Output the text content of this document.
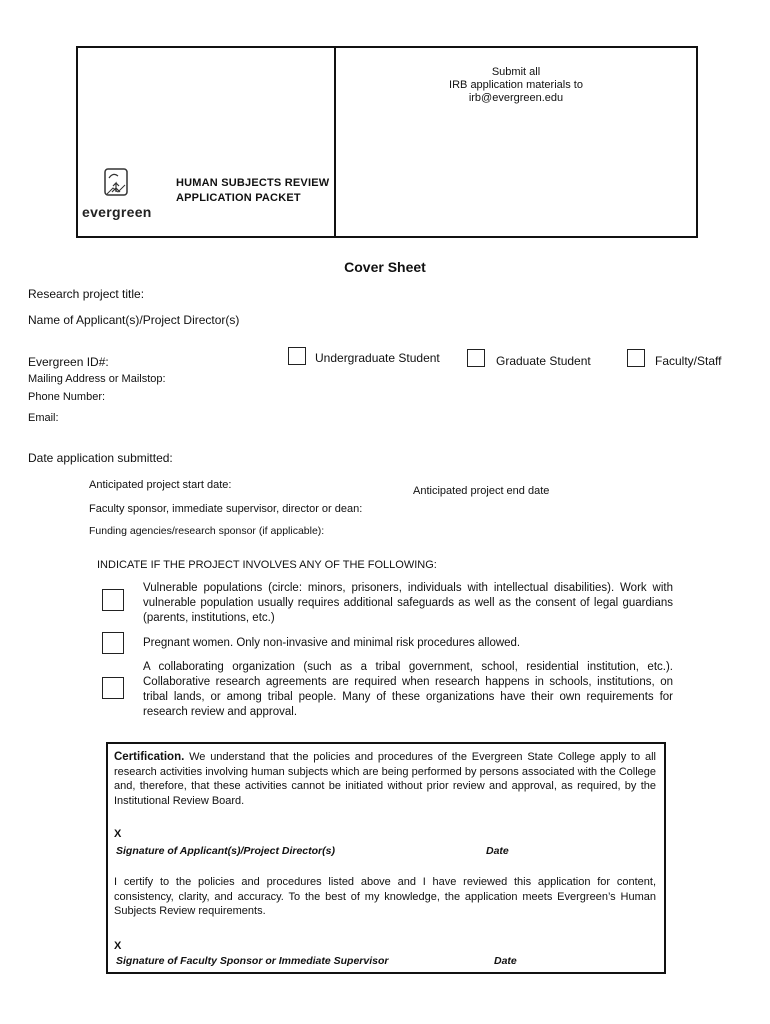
evergreen
HUMAN SUBJECTS REVIEW
APPLICATION PACKET
Submit all
IRB application materials to
irb@evergreen.edu
Cover Sheet
Research project title:
Name of Applicant(s)/Project Director(s)
Evergreen ID#:	Undergraduate Student	Graduate Student	Faculty/Staff
Mailing Address or Mailstop:
Phone Number:
Email:
Date application submitted:
Anticipated project start date:	Anticipated project end date
Faculty sponsor, immediate supervisor, director or dean:
Funding agencies/research sponsor (if applicable):
INDICATE IF THE PROJECT INVOLVES ANY OF THE FOLLOWING:
Vulnerable populations (circle: minors, prisoners, individuals with intellectual disabilities). Work with vulnerable population usually requires additional safeguards as well as the consent of legal guardians (parents, institutions, etc.)
Pregnant women. Only non-invasive and minimal risk procedures allowed.
A collaborating organization (such as a tribal government, school, residential institution, etc.). Collaborative research agreements are required when research happens in schools, institutions, on tribal lands, or among tribal people. Many of these organizations have their own requirements for research review and approval.
Certification. We understand that the policies and procedures of the Evergreen State College apply to all research activities involving human subjects which are being performed by persons associated with the College and, therefore, that these activities cannot be initiated without prior review and approval, as required, by the Institutional Review Board.
X
Signature of Applicant(s)/Project Director(s)	Date
I certify to the policies and procedures listed above and I have reviewed this application for content, consistency, clarity, and accuracy. To the best of my knowledge, the application meets Evergreen’s Human Subjects Review requirements.
X
Signature of Faculty Sponsor or Immediate Supervisor	Date
